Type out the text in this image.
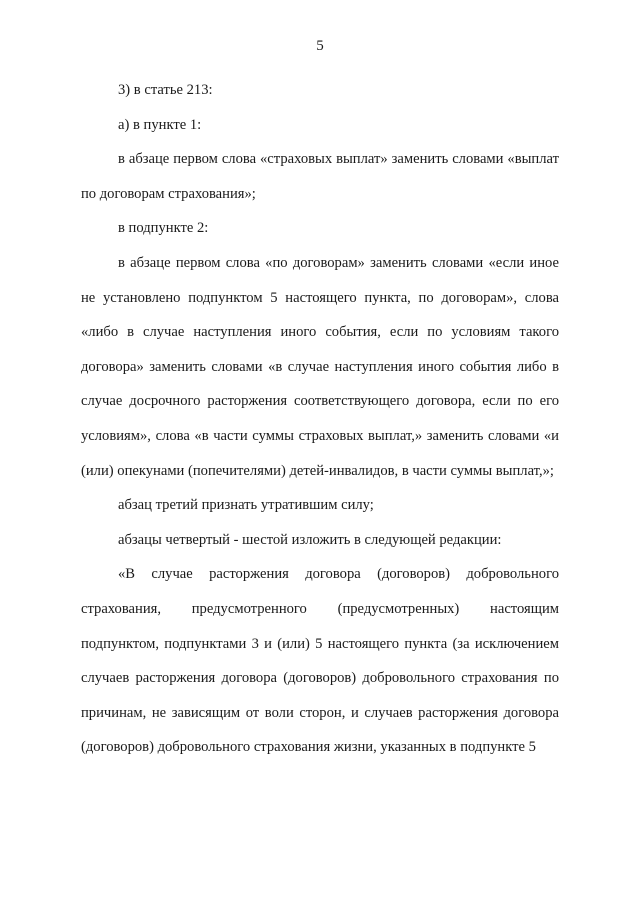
5

3) в статье 213:

а) в пункте 1:

в абзаце первом слова «страховых выплат» заменить словами «выплат по договорам страхования»;

в подпункте 2:

в абзаце первом слова «по договорам» заменить словами «если иное не установлено подпунктом 5 настоящего пункта, по договорам», слова «либо в случае наступления иного события, если по условиям такого договора» заменить словами «в случае наступления иного события либо в случае досрочного расторжения соответствующего договора, если по его условиям», слова «в части суммы страховых выплат,» заменить словами «и (или) опекунами (попечителями) детей-инвалидов, в части суммы выплат,»;

абзац третий признать утратившим силу;

абзацы четвертый - шестой изложить в следующей редакции:

«В случае расторжения договора (договоров) добровольного страхования, предусмотренного (предусмотренных) настоящим подпунктом, подпунктами 3 и (или) 5 настоящего пункта (за исключением случаев расторжения договора (договоров) добровольного страхования по причинам, не зависящим от воли сторон, и случаев расторжения договора (договоров) добровольного страхования жизни, указанных в подпункте 5
